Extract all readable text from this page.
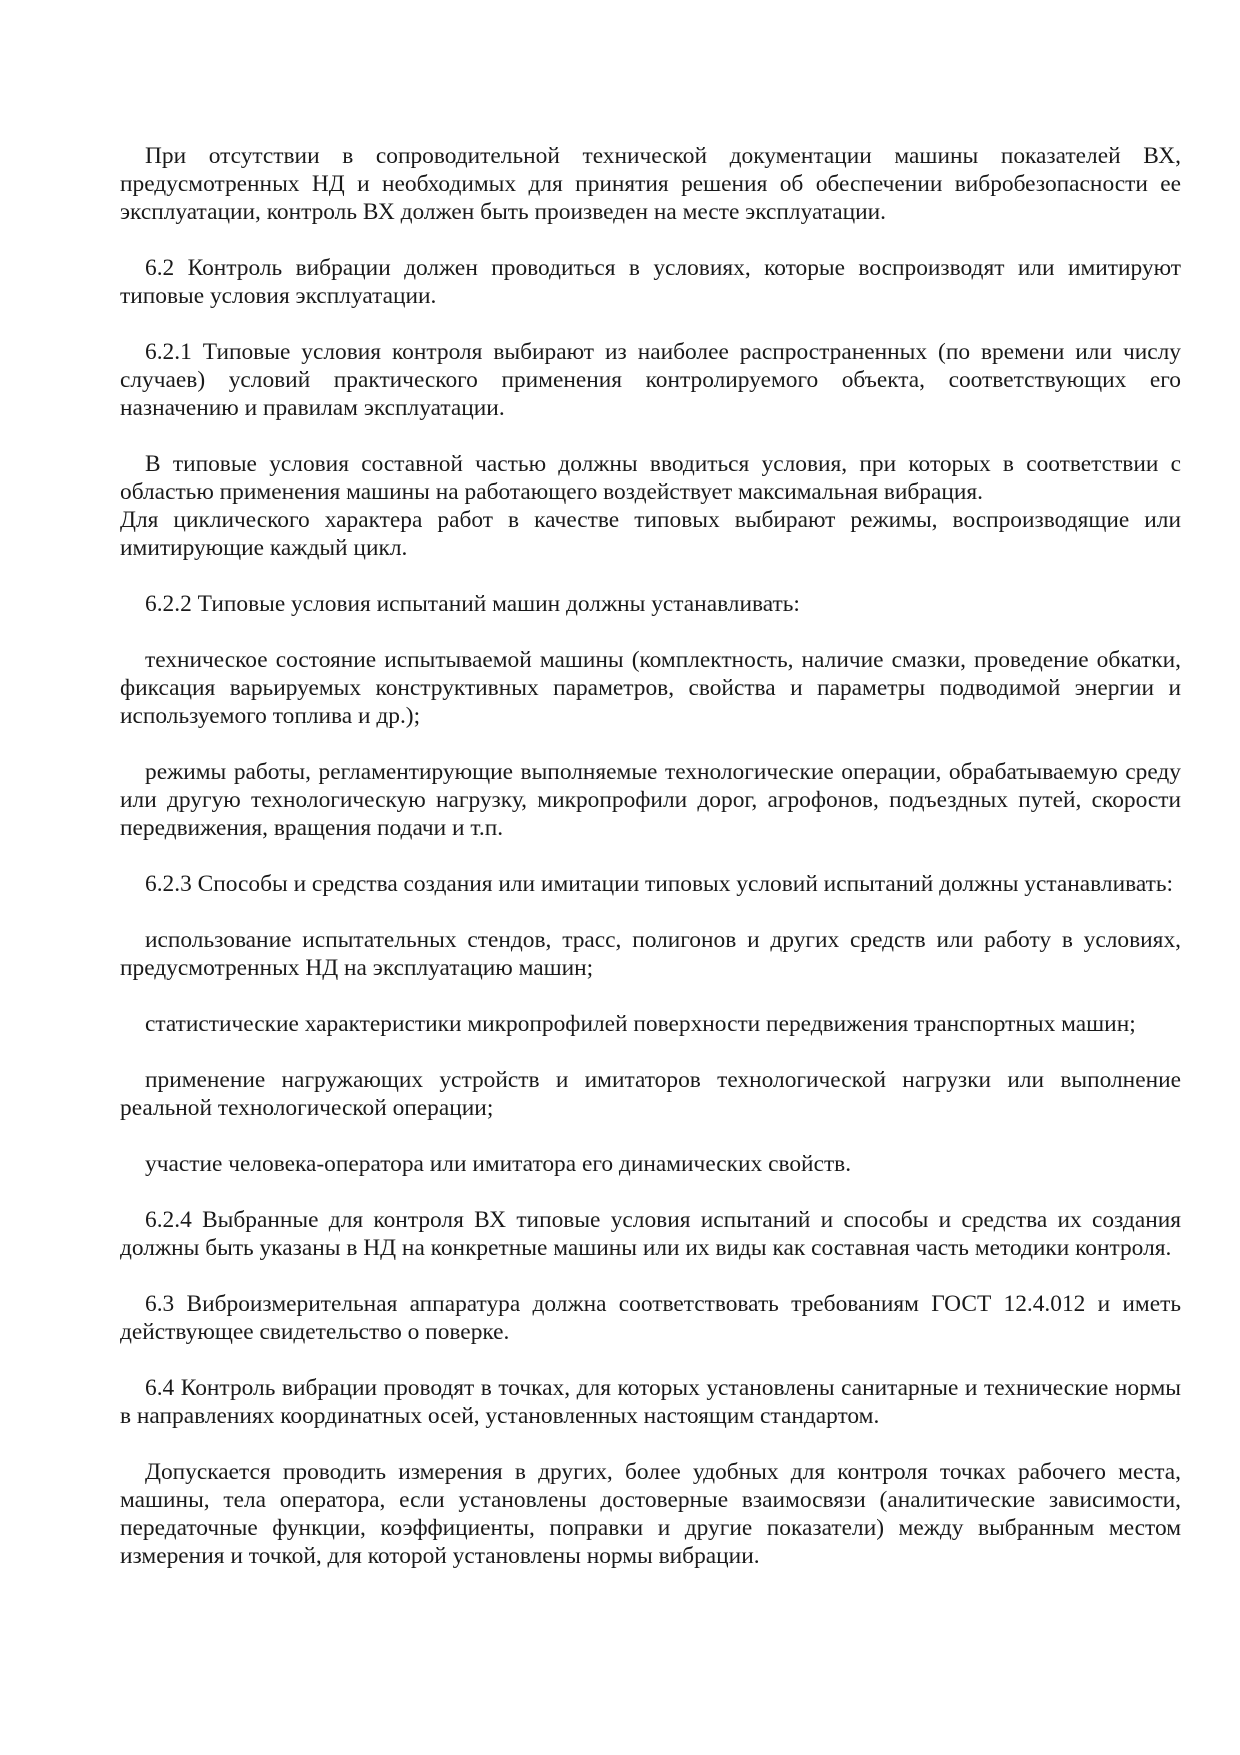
При отсутствии в сопроводительной технической документации машины показателей ВХ, предусмотренных НД и необходимых для принятия решения об обеспечении вибробезопасности ее эксплуатации, контроль ВХ должен быть произведен на месте эксплуатации.

6.2 Контроль вибрации должен проводиться в условиях, которые воспроизводят или имитируют типовые условия эксплуатации.

6.2.1 Типовые условия контроля выбирают из наиболее распространенных (по времени или числу случаев) условий практического применения контролируемого объекта, соответствующих его назначению и правилам эксплуатации.

В типовые условия составной частью должны вводиться условия, при которых в соответствии с областью применения машины на работающего воздействует максимальная вибрация.
Для циклического характера работ в качестве типовых выбирают режимы, воспроизводящие или имитирующие каждый цикл.

6.2.2 Типовые условия испытаний машин должны устанавливать:

техническое состояние испытываемой машины (комплектность, наличие смазки, проведение обкатки, фиксация варьируемых конструктивных параметров, свойства и параметры подводимой энергии и используемого топлива и др.);

режимы работы, регламентирующие выполняемые технологические операции, обрабатываемую среду или другую технологическую нагрузку, микропрофили дорог, агрофонов, подъездных путей, скорости передвижения, вращения подачи и т.п.

6.2.3 Способы и средства создания или имитации типовых условий испытаний должны устанавливать:

использование испытательных стендов, трасс, полигонов и других средств или работу в условиях, предусмотренных НД на эксплуатацию машин;

статистические характеристики микропрофилей поверхности передвижения транспортных машин;

применение нагружающих устройств и имитаторов технологической нагрузки или выполнение реальной технологической операции;

участие человека-оператора или имитатора его динамических свойств.

6.2.4 Выбранные для контроля ВХ типовые условия испытаний и способы и средства их создания должны быть указаны в НД на конкретные машины или их виды как составная часть методики контроля.

6.3 Виброизмерительная аппаратура должна соответствовать требованиям ГОСТ 12.4.012 и иметь действующее свидетельство о поверке.

6.4 Контроль вибрации проводят в точках, для которых установлены санитарные и технические нормы в направлениях координатных осей, установленных настоящим стандартом.

Допускается проводить измерения в других, более удобных для контроля точках рабочего места, машины, тела оператора, если установлены достоверные взаимосвязи (аналитические зависимости, передаточные функции, коэффициенты, поправки и другие показатели) между выбранным местом измерения и точкой, для которой установлены нормы вибрации.
